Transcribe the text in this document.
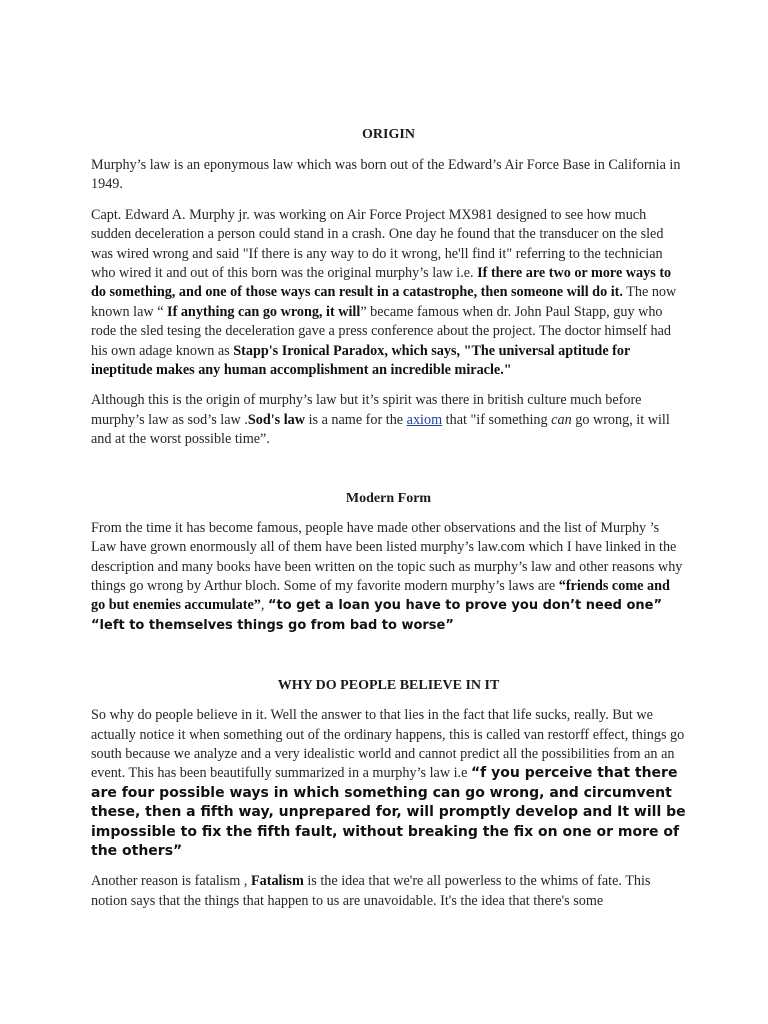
ORIGIN

Murphy’s law is an eponymous law which was born out of the Edward’s Air Force Base in California in 1949.

Capt. Edward A. Murphy jr. was working on Air Force Project MX981 designed to see how much sudden deceleration a person could stand in a crash. One day he found that the transducer on the sled was wired wrong and said "If there is any way to do it wrong, he'll find it" referring to the technician who wired it and out of this born was the original murphy’s law i.e. If there are two or more ways to do something, and one of those ways can result in a catastrophe, then someone will do it. The now known law “ If anything can go wrong, it will” became famous when dr. John Paul Stapp, guy who rode the sled tesing the deceleration gave a press conference about the project. The doctor himself had his own adage known as Stapp's Ironical Paradox, which says, "The universal aptitude for ineptitude makes any human accomplishment an incredible miracle."

Although this is the origin of murphy’s law but it’s spirit was there in british culture much before murphy’s law as sod’s law .Sod's law is a name for the axiom that "if something can go wrong, it will and at the worst possible time”.

Modern Form

From the time it has become famous, people have made other observations and the list of Murphy ’s Law have grown enormously all of them have been listed murphy’s law.com which I have linked in the description and many books have been written on the topic such as murphy’s law and other reasons why things go wrong by Arthur bloch. Some of my favorite modern murphy’s laws are “friends come and go but enemies accumulate”, “to get a loan you have to prove you don’t need one” “left to themselves things go from bad to worse”

WHY DO PEOPLE BELIEVE IN IT

So why do people believe in it. Well the answer to that lies in the fact that life sucks, really. But we actually notice it when something out of the ordinary happens, this is called van restorff effect, things go south because we analyze and a very idealistic world and cannot predict all the possibilities from an an event. This has been beautifully summarized in a murphy’s law i.e “f you perceive that there are four possible ways in which something can go wrong, and circumvent these, then a fifth way, unprepared for, will promptly develop and It will be impossible to fix the fifth fault, without breaking the fix on one or more of the others”

Another reason is fatalism , Fatalism is the idea that we're all powerless to the whims of fate. This notion says that the things that happen to us are unavoidable. It's the idea that there's some
